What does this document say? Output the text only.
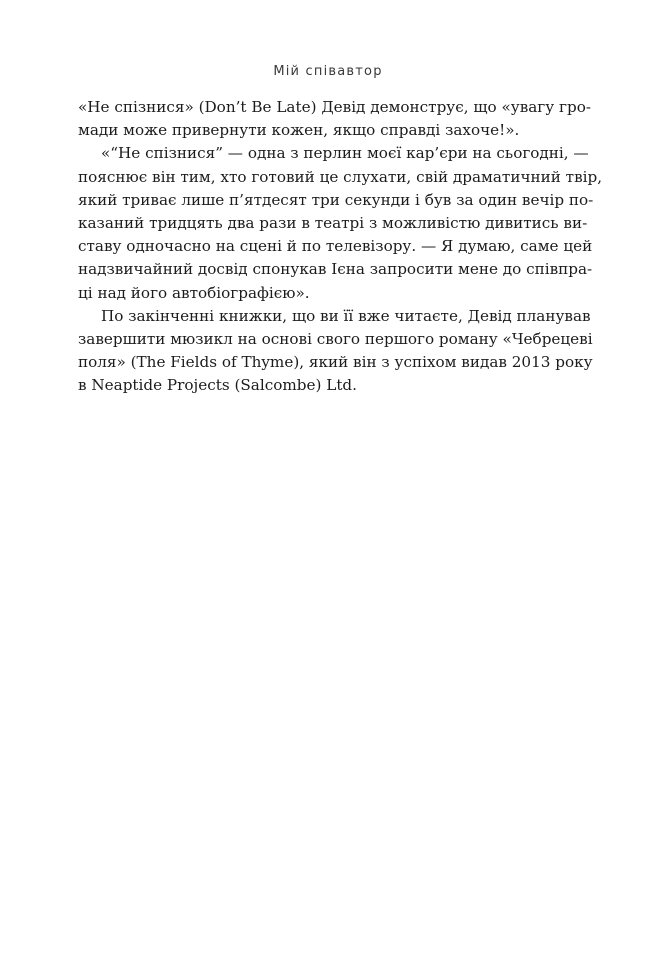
Мій співавтор
«Не спізнися» (Don’t Be Late) Девід демонструє, що «увагу гро-
мади може привернути кожен, якщо справді захоче!».
«“Не спізнися” — одна з перлин моєї кар’єри на сьогодні, —
пояснює він тим, хто готовий це слухати, свій драматичний твір,
який триває лише п’ятдесят три секунди і був за один вечір по-
казаний тридцять два рази в театрі з можливістю дивитись ви-
ставу одночасно на сцені й по телевізору. — Я думаю, саме цей
надзвичайний досвід спонукав Ієна запросити мене до співпра-
ці над його автобіографією».
По закінченні книжки, що ви її вже читаєте, Девід планував
завершити мюзикл на основі свого першого роману «Чебрецеві
поля» (The Fields of Thyme), який він з успіхом видав 2013 року
в Neaptide Projects (Salcombe) Ltd.
